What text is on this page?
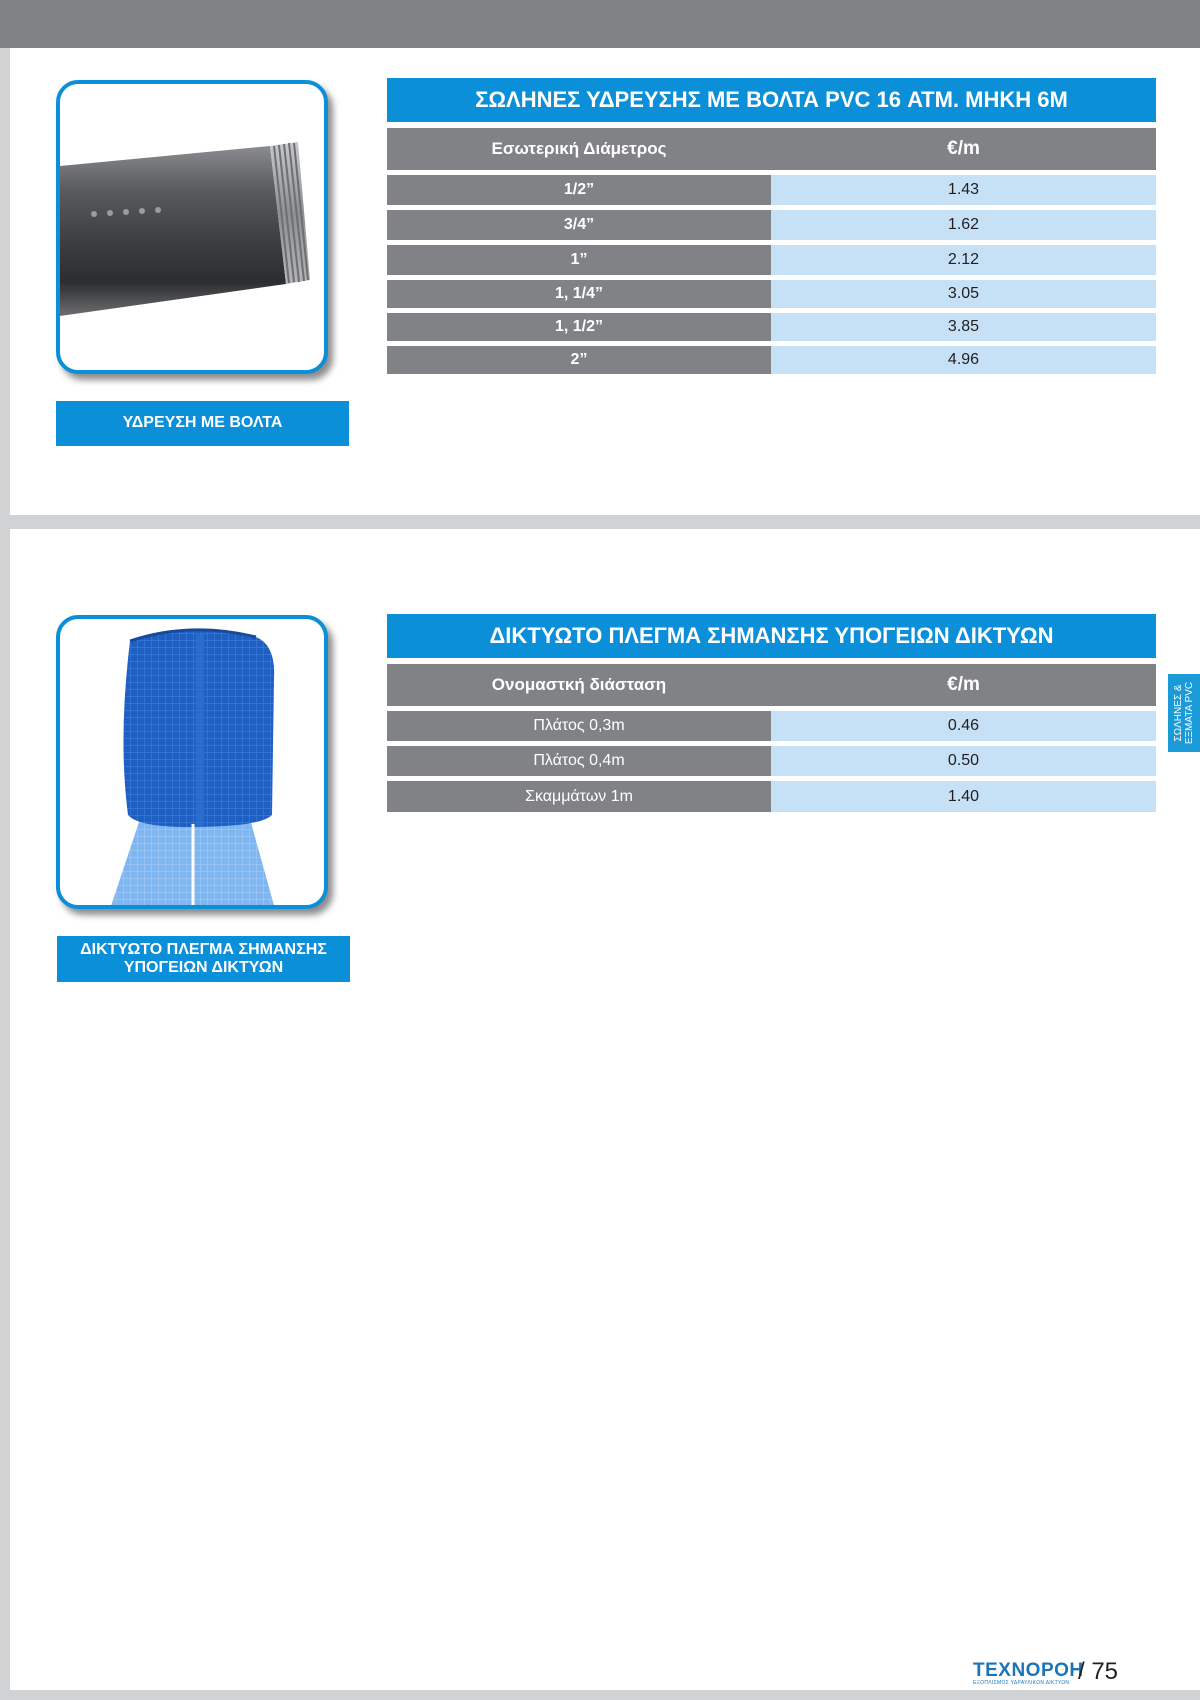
ΥΔΡΕΥΣΗ ΜΕ ΒΟΛΤΑ
ΣΩΛΗΝΕΣ ΥΔΡΕΥΣΗΣ ΜΕ ΒΟΛΤΑ PVC 16 ΑΤΜ. ΜΗΚΗ 6Μ
Εσωτερική Διάμετρος	€/m
1/2”	1.43
3/4”	1.62
1”	2.12
1, 1/4”	3.05
1, 1/2”	3.85
2”	4.96
ΔΙΚΤΥΩΤΟ ΠΛΕΓΜΑ ΣΗΜΑΝΣΗΣ
ΥΠΟΓΕΙΩΝ ΔΙΚΤΥΩΝ
ΔΙΚΤΥΩΤΟ ΠΛΕΓΜΑ ΣΗΜΑΝΣΗΣ ΥΠΟΓΕΙΩΝ ΔΙΚΤΥΩΝ
Ονομαστκή διάσταση	€/m
Πλάτος 0,3m	0.46
Πλάτος 0,4m	0.50
Σκαμμάτων 1m	1.40
ΣΩΛΗΝΕΣ & ΕΞΜΑΤΑ PVC
ΤΕΧΝΟΡΟΗ
ΕΞΟΠΛΙΣΜΟΣ ΥΔΡΑΥΛΙΚΩΝ ΔΙΚΤΥΩΝ / 75
